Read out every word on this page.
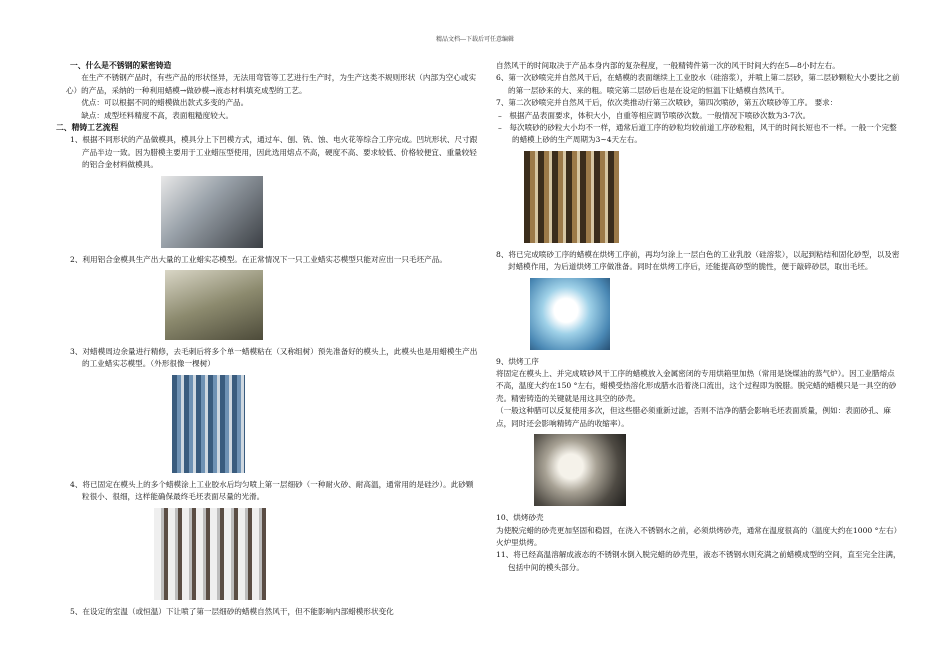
精品文档---下载后可任意编辑

一、什么是不锈钢的紧密铸造

在生产不锈钢产品时，有些产品的形状怪异，无法用弯管等工艺进行生产时，为生产这类不规则形状（内部为空心或实心）的产品，采纳的一种利用蜡模→做砂模→液态材料填充成型的工艺。

优点：可以根据不同的蜡模做出款式多变的产品。

缺点：成型坯料精度不高，表面粗糙度较大。

二、精铸工艺流程

1、根据不同形状的产品做模具，模具分上下凹模方式，通过车、刨、铣、蚀、电火花等综合工序完成。凹坑形状、尺寸跟产品半边一致。因为腊模主要用于工业蜡压型使用，因此选用熔点不高，硬度不高、要求较低、价格较便宜、重量较轻的铝合金材料做模具。

2、利用铝合金模具生产出大量的工业蜡实芯模型。在正常情况下一只工业蜡实芯模型只能对应出一只毛坯产品。

3、对蜡模周边余量进行精修，去毛刺后将多个单一蜡模粘在（又称组树）预先准备好的模头上，此模头也是用蜡模生产出的工业蜡实芯模型。（外形很像一棵树）

4、将已固定在模头上的多个蜡模涂上工业胶水后均匀喷上第一层细砂（一种耐火砂、耐高温，通常用的是硅沙）。此砂颗粒很小、很细，这样能确保最终毛坯表面尽量的光滑。

5、在设定的室温（或恒温）下让喷了第一层细砂的蜡模自然风干，但不能影响内部蜡模形状变化

自然风干的时间取决于产品本身内部的复杂程度，一般精铸件第一次的风干时间大约在5—8小时左右。

6、第一次砂喷完并自然风干后，在蜡模的表面继续上工业胶水（硅溶浆），并喷上第二层砂，第二层砂颗粒大小要比之前的第一层砂来的大、来的粗。喷完第二层砂后也是在设定的恒温下让蜡模自然风干。

7、第二次砂喷完并自然风干后，依次类推动行第三次喷砂，第四次喷砂，第五次喷砂等工序。 要求：

–　根据产品表面要求，体积大小，自重等相应调节喷砂次数。一般情况下喷砂次数为3-7次。

–　每次喷砂的砂粒大小均不一样，通常后道工序的砂粒均较前道工序砂粒粗，风干的时间长短也不一样。一般一个完整的蜡模上砂的生产周期为3~4天左右。

8、将已完成喷砂工序的蜡模在烘烤工序前，再均匀涂上一层白色的工业乳胶（硅溶浆），以起到粘结和固化砂型，以及密封蜡模作用，为后道烘烤工序做准备。同时在烘烤工序后，还能提高砂型的脆性，便于敲碎砂层，取出毛坯。

9、烘烤工序

将固定在模头上、并完成喷砂风干工序的蜡模放入金属密闭的专用烘箱里加热（常用是饶煤油的蒸气炉）。因工业腊熔点不高，温度大约在150 °左右，蜡模受热溶化形成腊水沿着浇口流出，这个过程即为脱腊。脱完蜡的蜡模只是一具空的砂壳。精密铸造的关键就是用这具空的砂壳。

（一般这种腊可以反复使用多次，但这些腊必须重新过滤，否则不洁净的腊会影响毛坯表面质量，例如：表面砂孔、麻点，同时还会影响精铸产品的收缩率）。

10、烘烤砂壳

为使脱完蜡的砂壳更加坚固和稳固，在浇入不锈钢水之前，必须烘烤砂壳，通常在温度很高的（温度大约在1000 °左右）火炉里烘烤。

11、将已经高温溶解成液态的不锈钢水倒入脱完蜡的砂壳里，液态不锈钢水则充满之前蜡模成型的空间，直至完全注满，包括中间的模头部分。
